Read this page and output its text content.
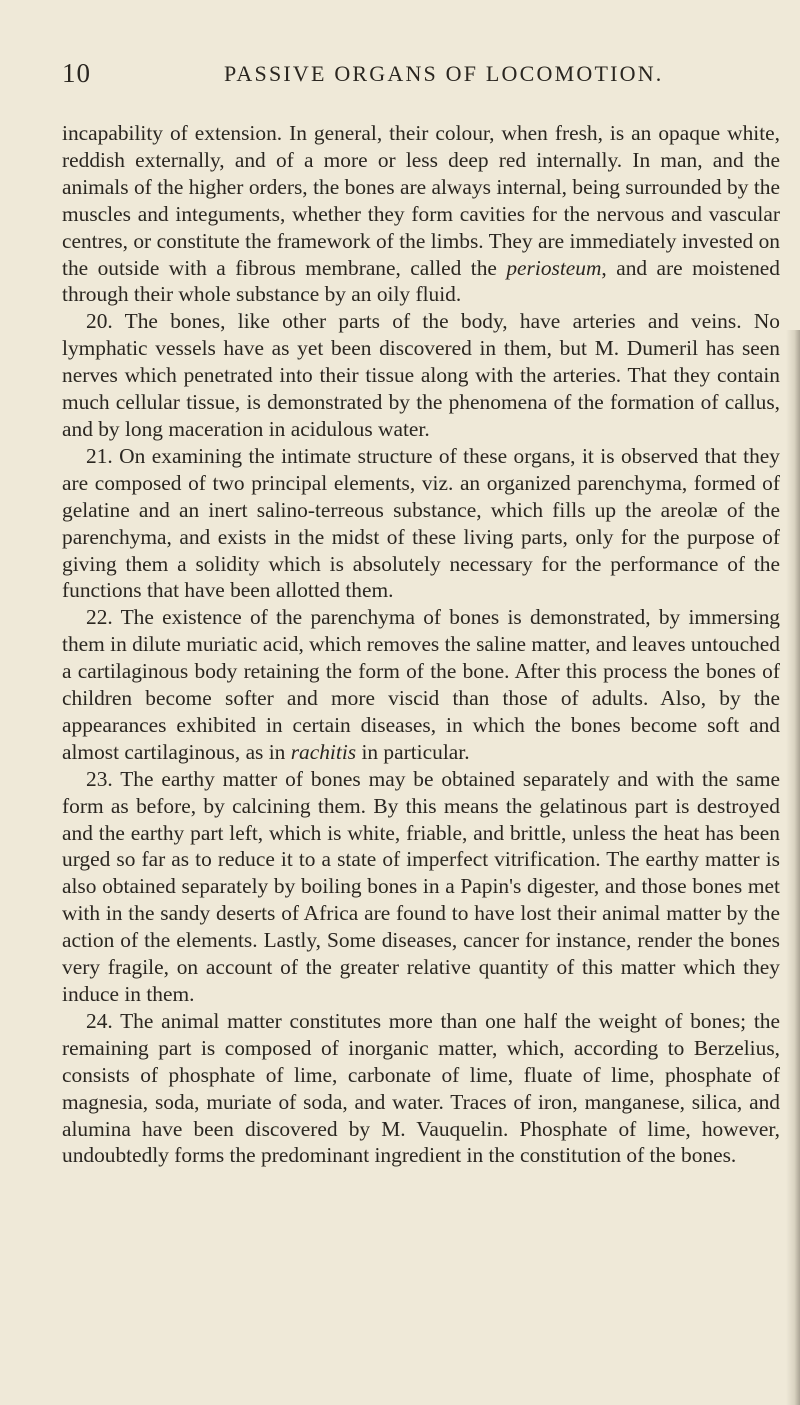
10	PASSIVE ORGANS OF LOCOMOTION.

incapability of extension. In general, their colour, when fresh, is an opaque white, reddish externally, and of a more or less deep red internally. In man, and the animals of the higher orders, the bones are always internal, being surrounded by the muscles and integuments, whether they form cavities for the nervous and vascular centres, or constitute the framework of the limbs. They are immediately invested on the outside with a fibrous membrane, called the periosteum, and are moistened through their whole substance by an oily fluid.

20. The bones, like other parts of the body, have arteries and veins. No lymphatic vessels have as yet been discovered in them, but M. Dumeril has seen nerves which penetrated into their tissue along with the arteries. That they contain much cellular tissue, is demonstrated by the phenomena of the formation of callus, and by long maceration in acidulous water.

21. On examining the intimate structure of these organs, it is observed that they are composed of two principal elements, viz. an organized parenchyma, formed of gelatine and an inert salino-terreous substance, which fills up the areolæ of the parenchyma, and exists in the midst of these living parts, only for the purpose of giving them a solidity which is absolutely necessary for the performance of the functions that have been allotted them.

22. The existence of the parenchyma of bones is demonstrated, by immersing them in dilute muriatic acid, which removes the saline matter, and leaves untouched a cartilaginous body retaining the form of the bone. After this process the bones of children become softer and more viscid than those of adults. Also, by the appearances exhibited in certain diseases, in which the bones become soft and almost cartilaginous, as in rachitis in particular.

23. The earthy matter of bones may be obtained separately and with the same form as before, by calcining them. By this means the gelatinous part is destroyed and the earthy part left, which is white, friable, and brittle, unless the heat has been urged so far as to reduce it to a state of imperfect vitrification. The earthy matter is also obtained separately by boiling bones in a Papin's digester, and those bones met with in the sandy deserts of Africa are found to have lost their animal matter by the action of the elements. Lastly, Some diseases, cancer for instance, render the bones very fragile, on account of the greater relative quantity of this matter which they induce in them.

24. The animal matter constitutes more than one half the weight of bones; the remaining part is composed of inorganic matter, which, according to Berzelius, consists of phosphate of lime, carbonate of lime, fluate of lime, phosphate of magnesia, soda, muriate of soda, and water. Traces of iron, manganese, silica, and alumina have been discovered by M. Vauquelin. Phosphate of lime, however, undoubtedly forms the predominant ingredient in the constitution of the bones.
